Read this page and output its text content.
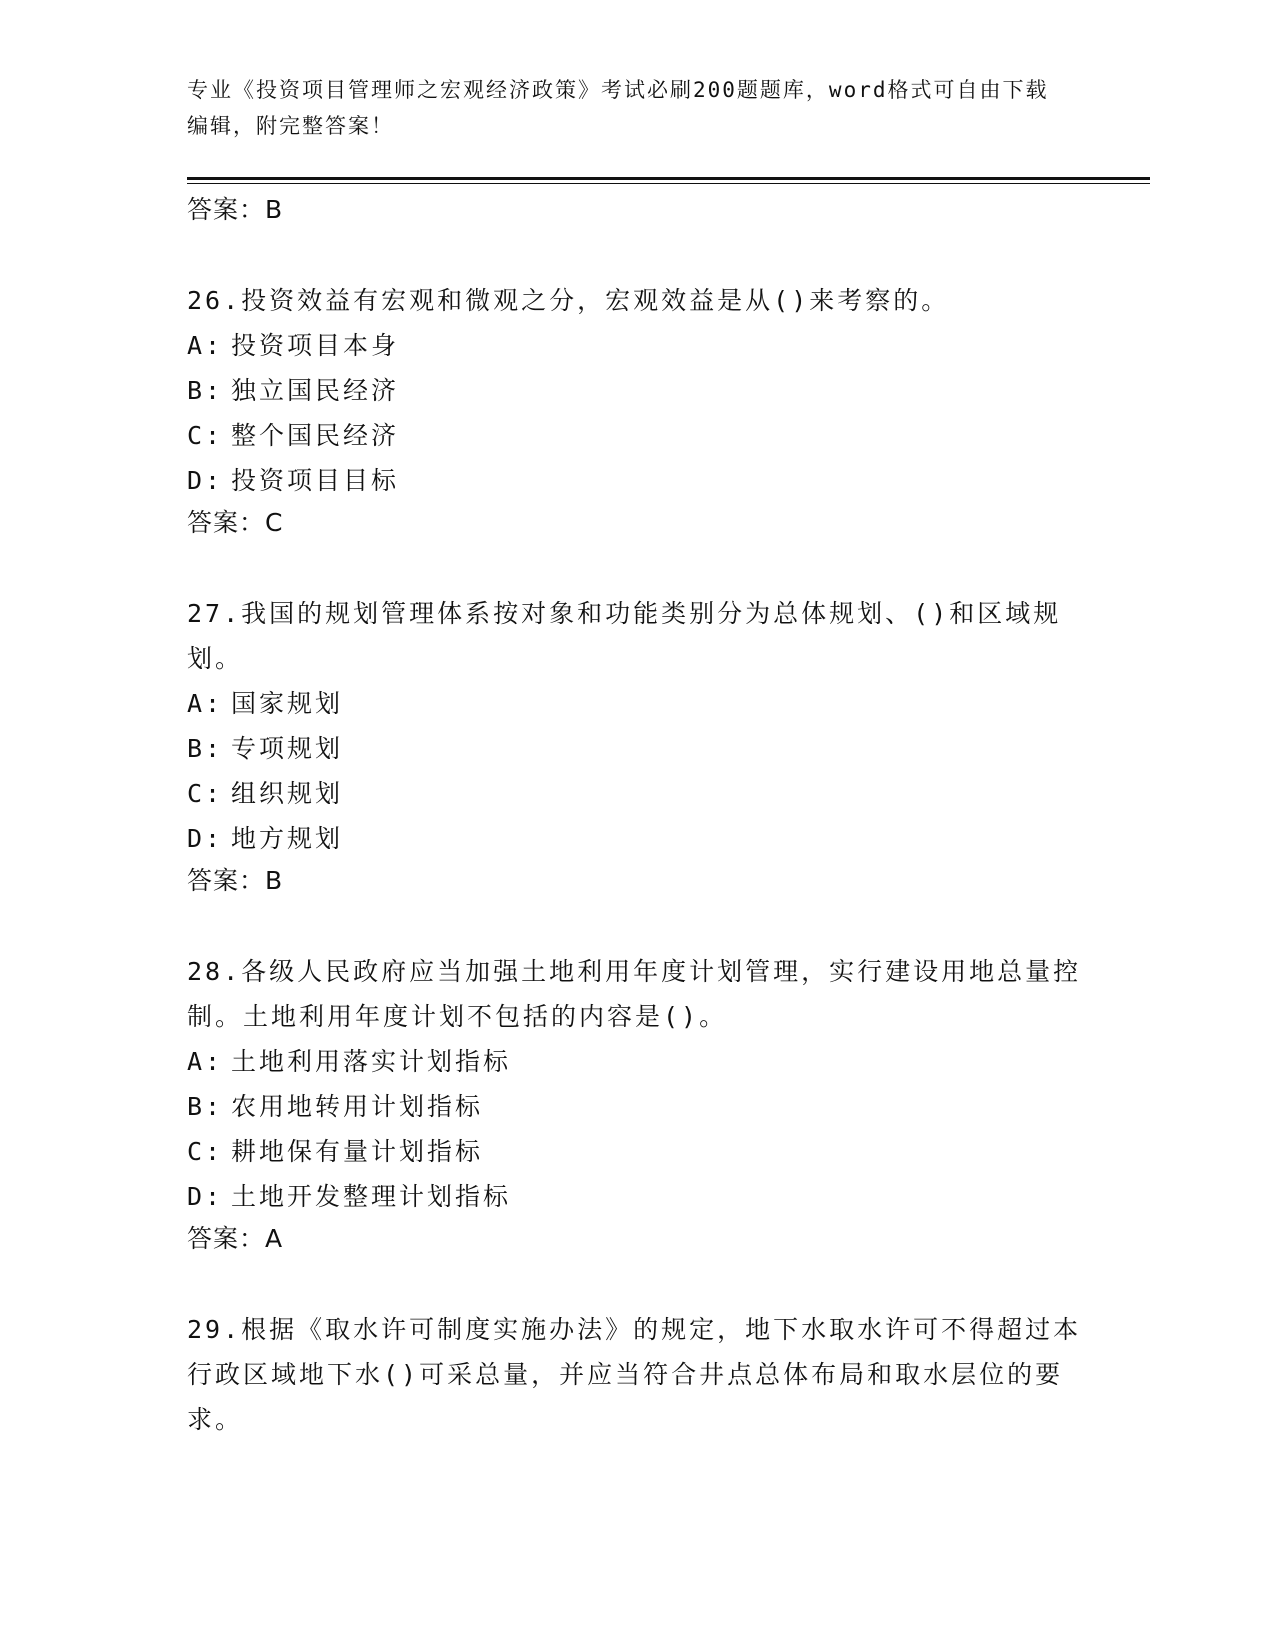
专业《投资项目管理师之宏观经济政策》考试必刷200题题库，word格式可自由下载编辑，附完整答案！

答案：B

26.投资效益有宏观和微观之分，宏观效益是从()来考察的。

A: 投资项目本身

B: 独立国民经济

C: 整个国民经济

D: 投资项目目标

答案：C

27.我国的规划管理体系按对象和功能类别分为总体规划、()和区域规划。

A: 国家规划

B: 专项规划

C: 组织规划

D: 地方规划

答案：B

28.各级人民政府应当加强土地利用年度计划管理，实行建设用地总量控制。土地利用年度计划不包括的内容是()。

A: 土地利用落实计划指标

B: 农用地转用计划指标

C: 耕地保有量计划指标

D: 土地开发整理计划指标

答案：A

29.根据《取水许可制度实施办法》的规定，地下水取水许可不得超过本行政区域地下水()可采总量，并应当符合井点总体布局和取水层位的要求。
